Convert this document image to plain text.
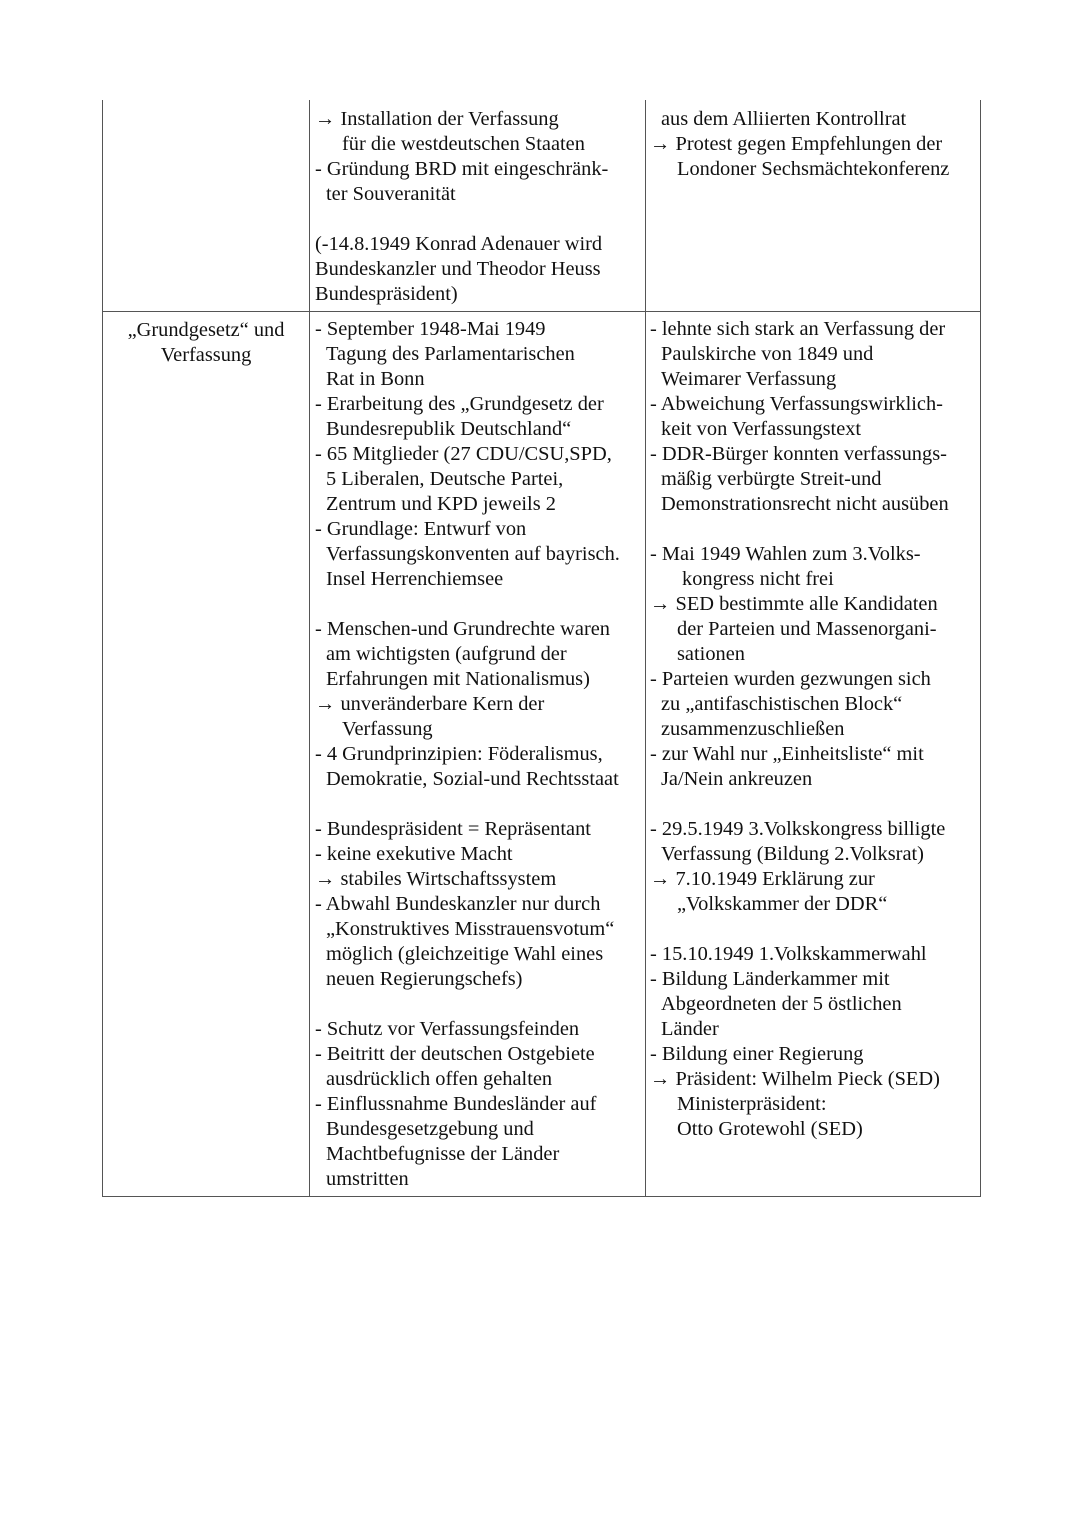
→ Installation der Verfassung
für die westdeutschen Staaten
- Gründung BRD mit eingeschränk-
ter Souveranität
(-14.8.1949 Konrad Adenauer wird
Bundeskanzler und Theodor Heuss
Bundespräsident)
aus dem Alliierten Kontrollrat
→ Protest gegen Empfehlungen der
Londoner Sechsmächtekonferenz
„Grundgesetz“ und
Verfassung
- September 1948-Mai 1949
Tagung des Parlamentarischen
Rat in Bonn
- Erarbeitung des „Grundgesetz der
Bundesrepublik Deutschland“
- 65 Mitglieder (27 CDU/CSU,SPD,
5 Liberalen, Deutsche Partei,
Zentrum und KPD jeweils 2
- Grundlage: Entwurf von
Verfassungskonventen auf bayrisch.
Insel Herrenchiemsee
- Menschen-und Grundrechte waren
am wichtigsten (aufgrund der
Erfahrungen mit Nationalismus)
→ unveränderbare Kern der
Verfassung
- 4 Grundprinzipien: Föderalismus,
Demokratie, Sozial-und Rechtsstaat
- Bundespräsident = Repräsentant
- keine exekutive Macht
→ stabiles Wirtschaftssystem
- Abwahl Bundeskanzler nur durch
„Konstruktives Misstrauensvotum“
möglich (gleichzeitige Wahl eines
neuen Regierungschefs)
- Schutz vor Verfassungsfeinden
- Beitritt der deutschen Ostgebiete
ausdrücklich offen gehalten
- Einflussnahme Bundesländer auf
Bundesgesetzgebung und
Machtbefugnisse der Länder
umstritten
- lehnte sich stark an Verfassung der
Paulskirche von 1849 und
Weimarer Verfassung
- Abweichung Verfassungswirklich-
keit von Verfassungstext
- DDR-Bürger konnten verfassungs-
mäßig verbürgte Streit-und
Demonstrationsrecht nicht ausüben
- Mai 1949 Wahlen zum 3.Volks-
kongress nicht frei
→ SED bestimmte alle Kandidaten
der Parteien und Massenorgani-
sationen
- Parteien wurden gezwungen sich
zu „antifaschistischen Block“
zusammenzuschließen
- zur Wahl nur „Einheitsliste“ mit
Ja/Nein ankreuzen
- 29.5.1949 3.Volkskongress billigte
Verfassung (Bildung 2.Volksrat)
→ 7.10.1949 Erklärung zur
„Volkskammer der DDR“
- 15.10.1949 1.Volkskammerwahl
- Bildung Länderkammer mit
Abgeordneten der 5 östlichen
Länder
- Bildung einer Regierung
→ Präsident: Wilhelm Pieck (SED)
Ministerpräsident:
Otto Grotewohl (SED)
